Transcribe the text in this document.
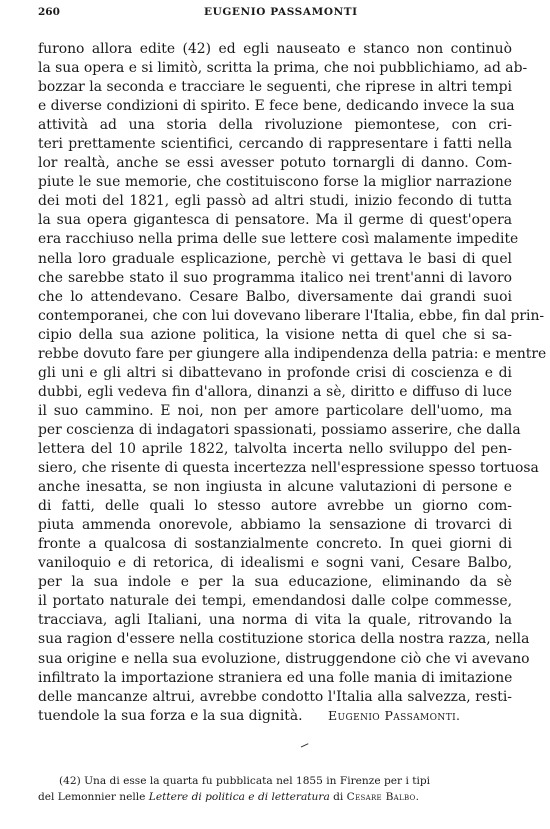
260	EUGENIO PASSAMONTI
furono allora edite (42) ed egli nauseato e stanco non continuò
la sua opera e si limitò, scritta la prima, che noi pubblichiamo, ad ab-
bozzar la seconda e tracciare le seguenti, che riprese in altri tempi
e diverse condizioni di spirito. E fece bene, dedicando invece la sua
attività ad una storia della rivoluzione piemontese, con cri-
teri prettamente scientifici, cercando di rappresentare i fatti nella
lor realtà, anche se essi avesser potuto tornargli di danno. Com-
piute le sue memorie, che costituiscono forse la miglior narrazione
dei moti del 1821, egli passò ad altri studi, inizio fecondo di tutta
la sua opera gigantesca di pensatore. Ma il germe di quest'opera
era racchiuso nella prima delle sue lettere così malamente impedite
nella loro graduale esplicazione, perchè vi gettava le basi di quel
che sarebbe stato il suo programma italico nei trent'anni di lavoro
che lo attendevano. Cesare Balbo, diversamente dai grandi suoi
contemporanei, che con lui dovevano liberare l'Italia, ebbe, fin dal prin-
cipio della sua azione politica, la visione netta di quel che si sa-
rebbe dovuto fare per giungere alla indipendenza della patria: e mentre
gli uni e gli altri si dibattevano in profonde crisi di coscienza e di
dubbi, egli vedeva fin d'allora, dinanzi a sè, diritto e diffuso di luce
il suo cammino. E noi, non per amore particolare dell'uomo, ma
per coscienza di indagatori spassionati, possiamo asserire, che dalla
lettera del 10 aprile 1822, talvolta incerta nello sviluppo del pen-
siero, che risente di questa incertezza nell'espressione spesso tortuosa
anche inesatta, se non ingiusta in alcune valutazioni di persone e
di fatti, delle quali lo stesso autore avrebbe un giorno com-
piuta ammenda onorevole, abbiamo la sensazione di trovarci di
fronte a qualcosa di sostanzialmente concreto. In quei giorni di
vaniloquio e di retorica, di idealismi e sogni vani, Cesare Balbo,
per la sua indole e per la sua educazione, eliminando da sè
il portato naturale dei tempi, emendandosi dalle colpe commesse,
tracciava, agli Italiani, una norma di vita la quale, ritrovando la
sua ragion d'essere nella costituzione storica della nostra razza, nella
sua origine e nella sua evoluzione, distruggendone ciò che vi avevano
infiltrato la importazione straniera ed una folle mania di imitazione
delle mancanze altrui, avrebbe condotto l'Italia alla salvezza, resti-
tuendole la sua forza e la sua dignità.	Eugenio Passamonti.
(42) Una di esse la quarta fu pubblicata nel 1855 in Firenze per i tipi
del Lemonnier nelle Lettere di politica e di letteratura di Cesare Balbo.
